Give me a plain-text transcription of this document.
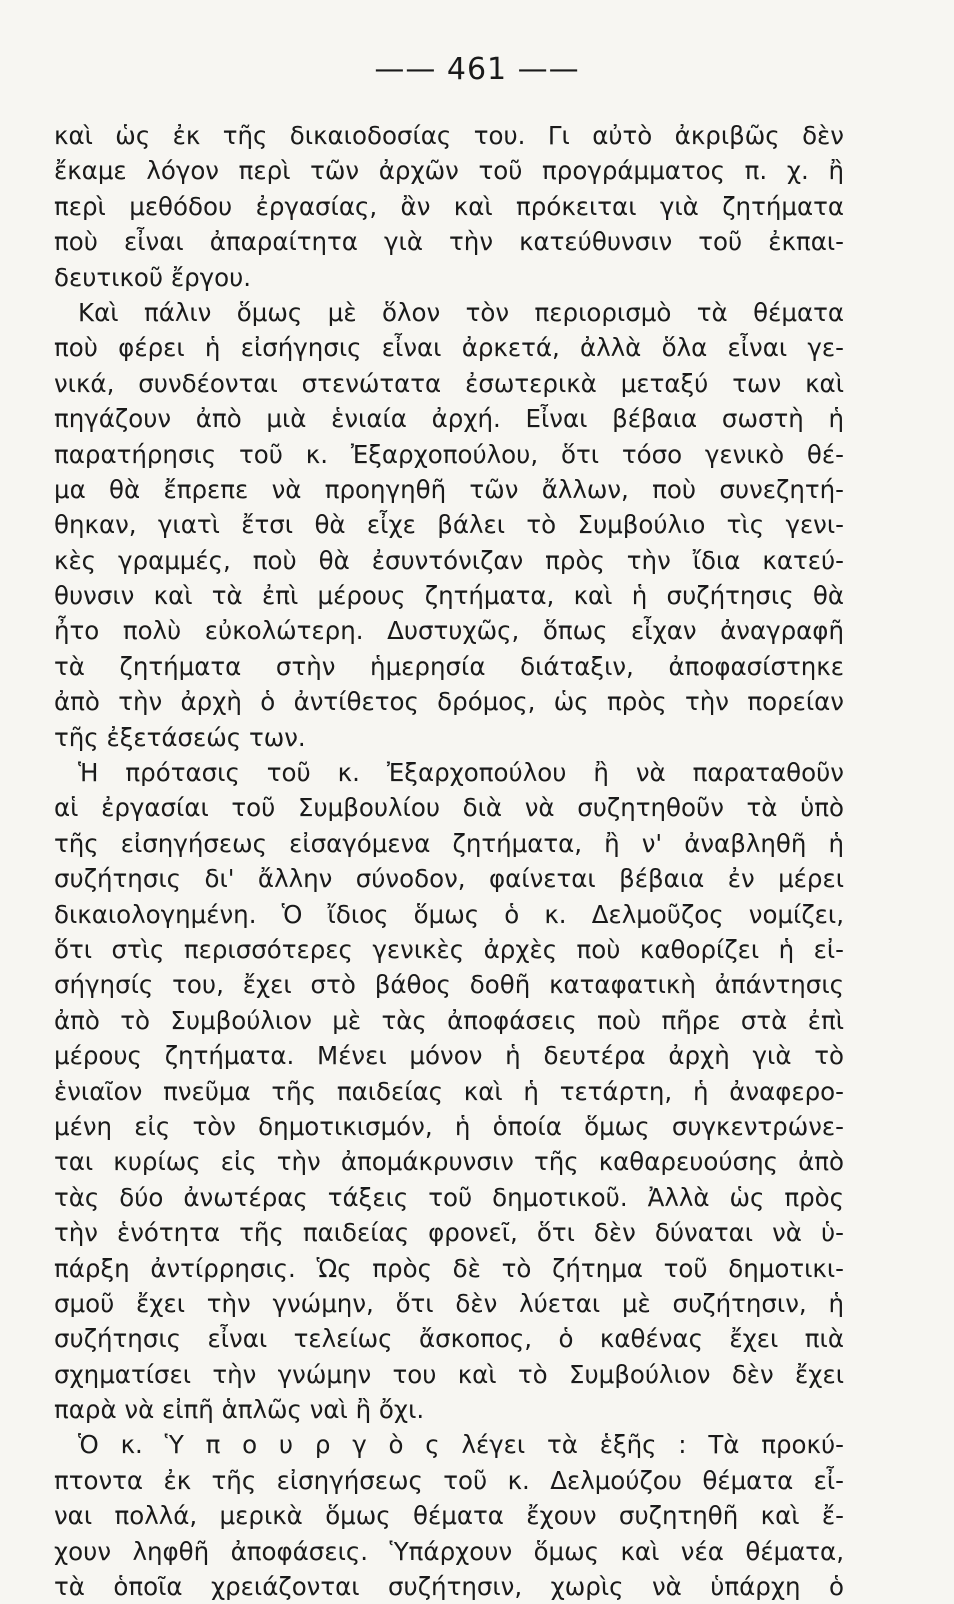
—— 461 ——
καὶ ὡς ἐκ τῆς δικαιοδοσίας του. Γι αὐτὸ ἀκριβῶς δὲν
ἔκαμε λόγον περὶ τῶν ἀρχῶν τοῦ προγράμματος π. χ. ἢ
περὶ μεθόδου ἐργασίας, ἂν καὶ πρόκειται γιὰ ζητήματα
ποὺ εἶναι ἀπαραίτητα γιὰ τὴν κατεύθυνσιν τοῦ ἐκπαι-
δευτικοῦ ἔργου.
Καὶ πάλιν ὅμως μὲ ὅλον τὸν περιορισμὸ τὰ θέματα
ποὺ φέρει ἡ εἰσήγησις εἶναι ἀρκετά, ἀλλὰ ὅλα εἶναι γε-
νικά, συνδέονται στενώτατα ἐσωτερικὰ μεταξύ των καὶ
πηγάζουν ἀπὸ μιὰ ἑνιαία ἀρχή. Εἶναι βέβαια σωστὴ ἡ
παρατήρησις τοῦ κ. Ἐξαρχοπούλου, ὅτι τόσο γενικὸ θέ-
μα θὰ ἔπρεπε νὰ προηγηθῆ τῶν ἄλλων, ποὺ συνεζητή-
θηκαν, γιατὶ ἔτσι θὰ εἶχε βάλει τὸ Συμβούλιο τὶς γενι-
κὲς γραμμές, ποὺ θὰ ἐσυντόνιζαν πρὸς τὴν ἴδια κατεύ-
θυνσιν καὶ τὰ ἐπὶ μέρους ζητήματα, καὶ ἡ συζήτησις θὰ
ἦτο πολὺ εὐκολώτερη. Δυστυχῶς, ὅπως εἶχαν ἀναγραφῆ
τὰ ζητήματα στὴν ἡμερησία διάταξιν, ἀποφασίστηκε
ἀπὸ τὴν ἀρχὴ ὁ ἀντίθετος δρόμος, ὡς πρὸς τὴν πορείαν
τῆς ἐξετάσεώς των.
Ἡ πρότασις τοῦ κ. Ἐξαρχοπούλου ἢ νὰ παραταθοῦν
αἱ ἐργασίαι τοῦ Συμβουλίου διὰ νὰ συζητηθοῦν τὰ ὑπὸ
τῆς εἰσηγήσεως εἰσαγόμενα ζητήματα, ἢ ν' ἀναβληθῆ ἡ
συζήτησις δι' ἄλλην σύνοδον, φαίνεται βέβαια ἐν μέρει
δικαιολογημένη. Ὁ ἴδιος ὅμως ὁ κ. Δελμοῦζος νομίζει,
ὅτι στὶς περισσότερες γενικὲς ἀρχὲς ποὺ καθορίζει ἡ εἰ-
σήγησίς του, ἔχει στὸ βάθος δοθῆ καταφατικὴ ἀπάντησις
ἀπὸ τὸ Συμβούλιον μὲ τὰς ἀποφάσεις ποὺ πῆρε στὰ ἐπὶ
μέρους ζητήματα. Μένει μόνον ἡ δευτέρα ἀρχὴ γιὰ τὸ
ἑνιαῖον πνεῦμα τῆς παιδείας καὶ ἡ τετάρτη, ἡ ἀναφερο-
μένη εἰς τὸν δημοτικισμόν, ἡ ὁποία ὅμως συγκεντρώνε-
ται κυρίως εἰς τὴν ἀπομάκρυνσιν τῆς καθαρευούσης ἀπὸ
τὰς δύο ἀνωτέρας τάξεις τοῦ δημοτικοῦ. Ἀλλὰ ὡς πρὸς
τὴν ἑνότητα τῆς παιδείας φρονεῖ, ὅτι δὲν δύναται νὰ ὑ-
πάρξη ἀντίρρησις. Ὡς πρὸς δὲ τὸ ζήτημα τοῦ δημοτικι-
σμοῦ ἔχει τὴν γνώμην, ὅτι δὲν λύεται μὲ συζήτησιν, ἡ
συζήτησις εἶναι τελείως ἄσκοπος, ὁ καθένας ἔχει πιὰ
σχηματίσει τὴν γνώμην του καὶ τὸ Συμβούλιον δὲν ἔχει
παρὰ νὰ εἰπῆ ἁπλῶς ναὶ ἢ ὄχι.
Ὁ κ. Ὑ π ο υ ρ γ ὸ ς λέγει τὰ ἑξῆς : Τὰ προκύ-
πτοντα ἐκ τῆς εἰσηγήσεως τοῦ κ. Δελμούζου θέματα εἶ-
ναι πολλά, μερικὰ ὅμως θέματα ἔχουν συζητηθῆ καὶ ἔ-
χουν ληφθῆ ἀποφάσεις. Ὑπάρχουν ὅμως καὶ νέα θέματα,
τὰ ὁποῖα χρειάζονται συζήτησιν, χωρὶς νὰ ὑπάρχη ὁ
